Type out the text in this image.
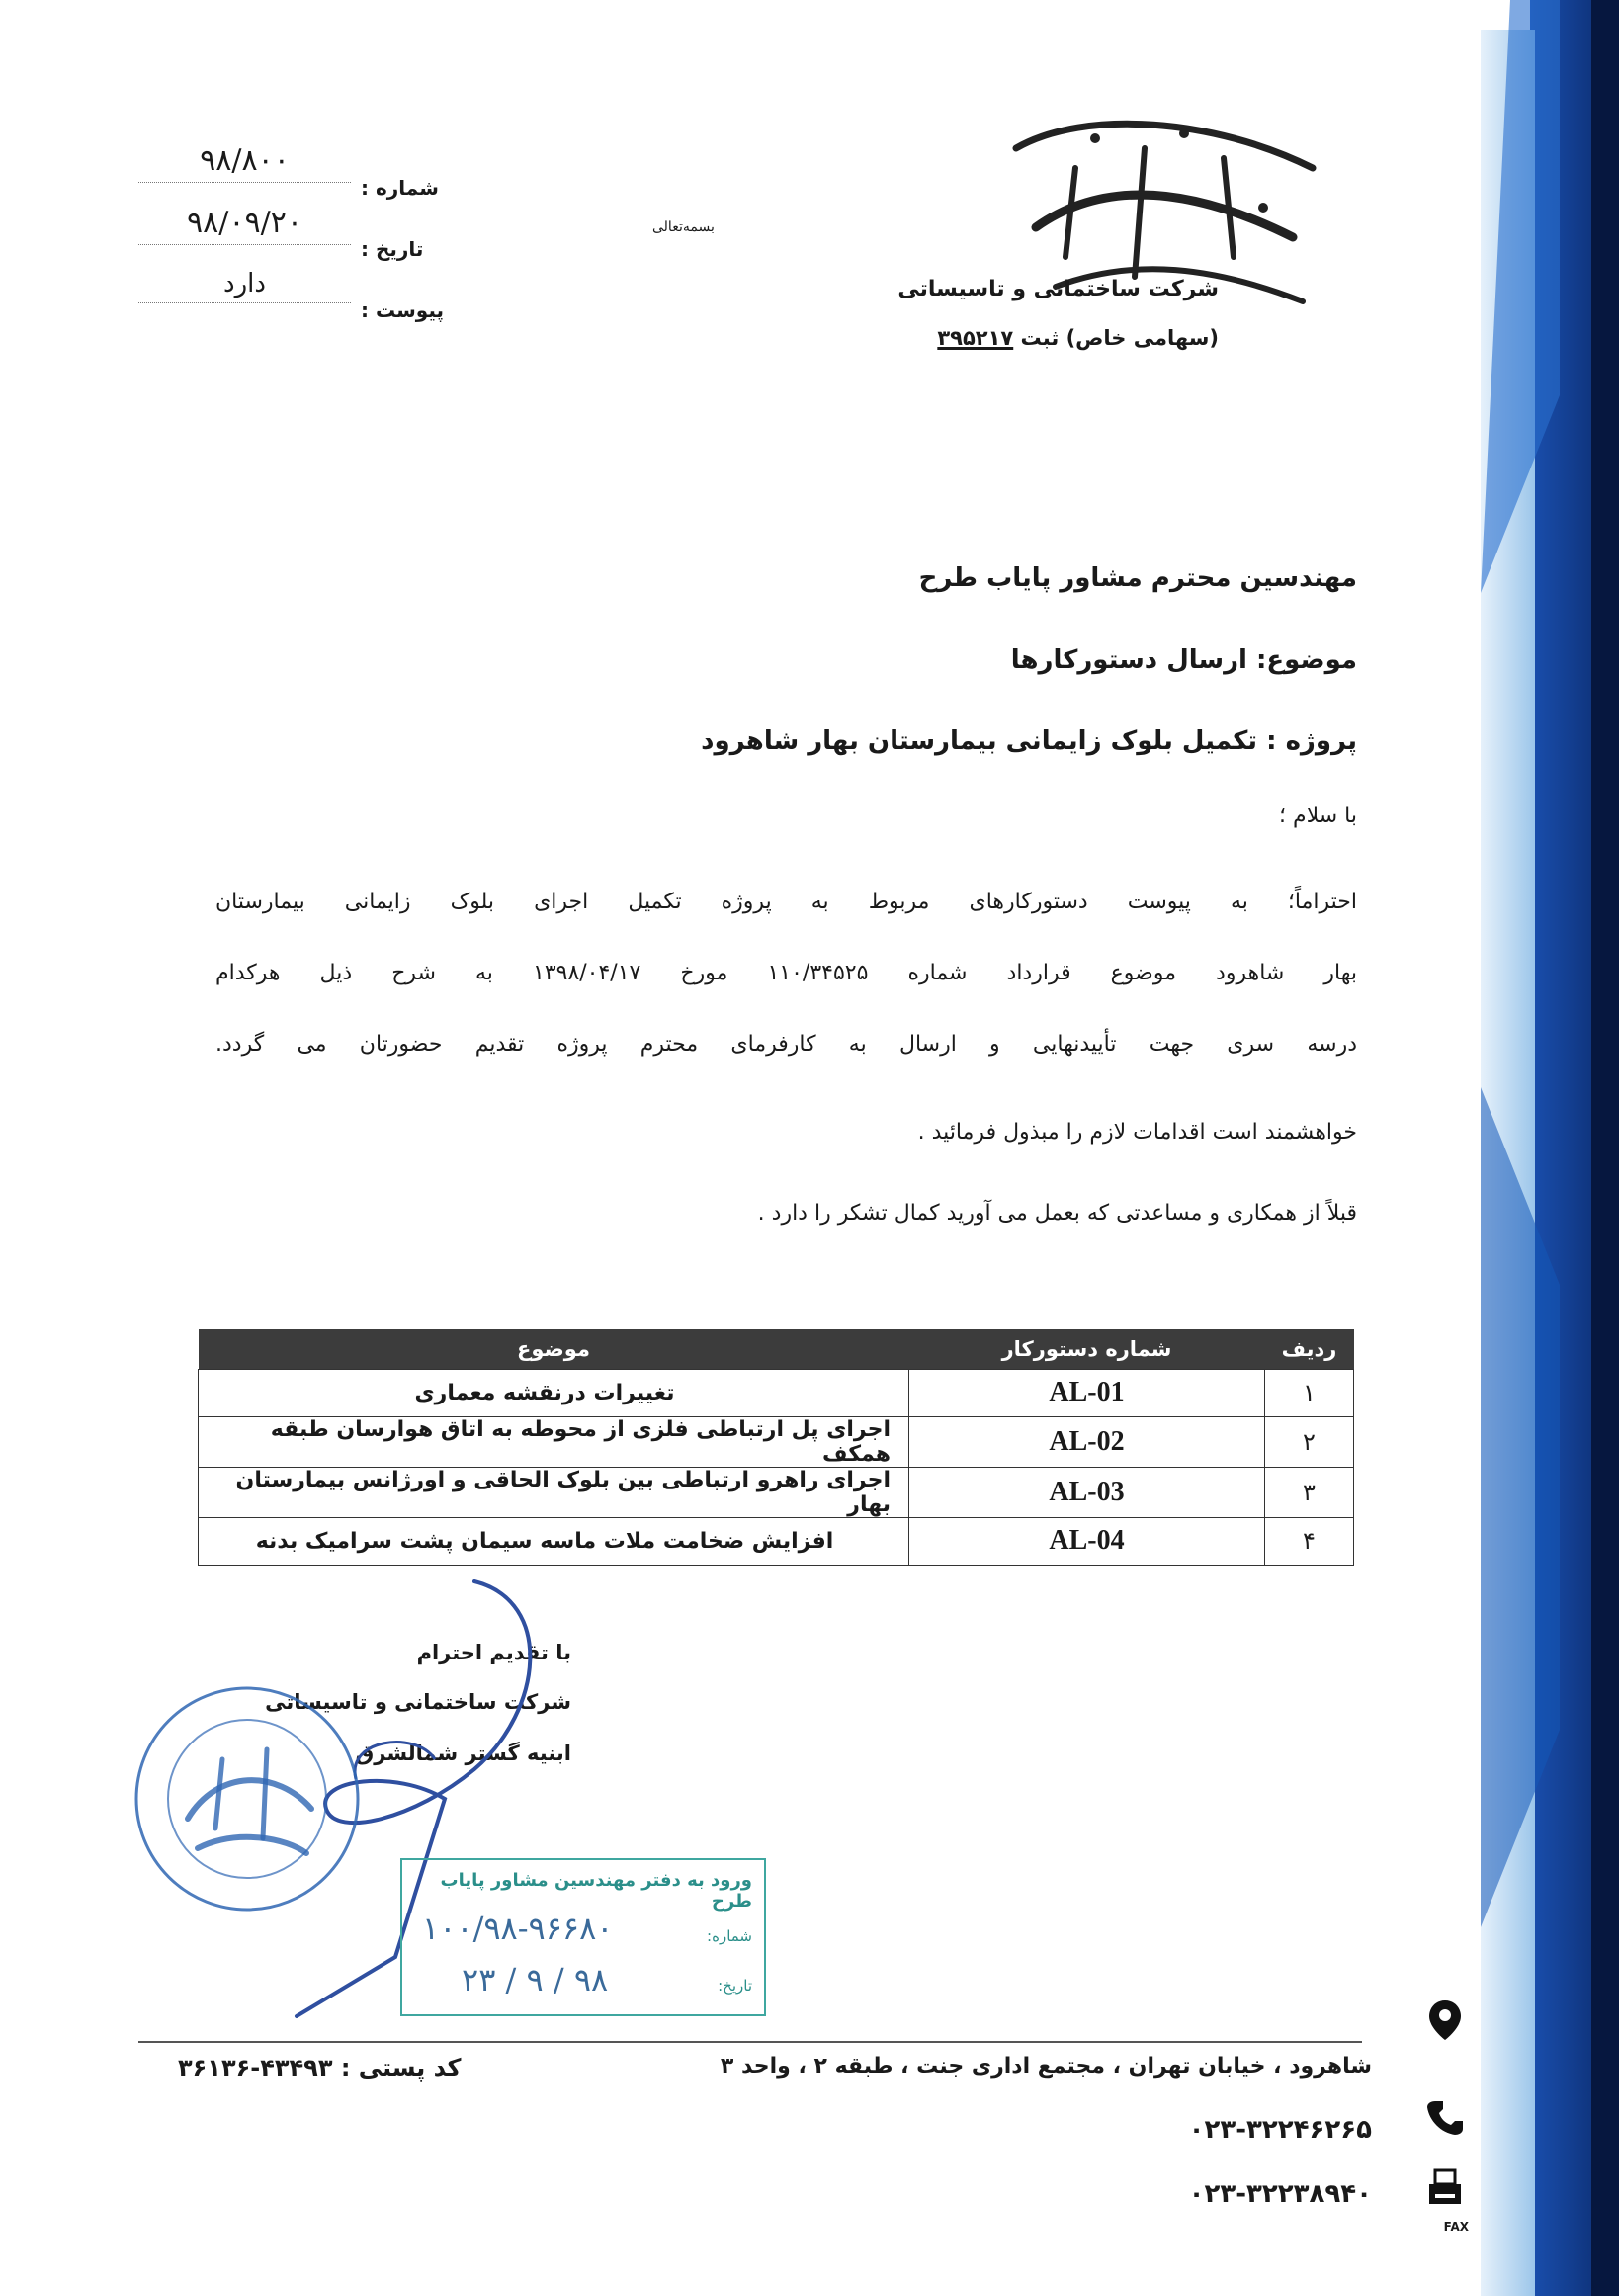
شرکت ساختمانی و تاسیساتی
(سهامی خاص) ثبت ۳۹۵۲۱۷
بسمه‌تعالی
شماره :
۹۸/۸۰۰
تاریخ :
۹۸/۰۹/۲۰
پیوست :
دارد
مهندسین محترم مشاور پایاب طرح
موضوع: ارسال دستورکارها
پروژه : تکمیل بلوک زایمانی بیمارستان بهار شاهرود
با سلام ؛
احتراماً؛ به پیوست دستورکارهای مربوط به پروژه تکمیل اجرای بلوک زایمانی بیمارستان
بهار شاهرود موضوع قرارداد شماره ۱۱۰/۳۴۵۲۵ مورخ ۱۳۹۸/۰۴/۱۷ به شرح ذیل هرکدام
درسه سری جهت تأییدنهایی و ارسال به کارفرمای محترم پروژه تقدیم حضورتان می گردد.
خواهشمند است اقدامات لازم را مبذول فرمائید .
قبلاً از همکاری و مساعدتی که بعمل می آورید کمال تشکر را دارد .
ردیف	شماره دستورکار	موضوع
۱	AL-01	تغییرات درنقشه معماری
۲	AL-02	اجرای پل ارتباطی فلزی از محوطه به اتاق هوارسان طبقه همکف
۳	AL-03	اجرای راهرو ارتباطی بین بلوک الحاقی و اورژانس بیمارستان بهار
۴	AL-04	افزایش ضخامت ملات ماسه سیمان پشت سرامیک بدنه
با تقدیم احترام
شرکت ساختمانی و تاسیساتی
ابنیه گستر شمالشرق
ورود به دفتر مهندسین مشاور پایاب طرح
شماره:
۱۰۰/۹۸-۹۶۶۸۰
تاریخ:
۹۸ / ۹ / ۲۳
FAX
شاهرود ، خیابان تهران ، مجتمع اداری جنت ، طبقه ۲ ، واحد ۳
کد پستی : ۴۳۴۹۳-۳۶۱۳۶
۰۲۳-۳۲۲۴۶۲۶۵
۰۲۳-۳۲۲۳۸۹۴۰
